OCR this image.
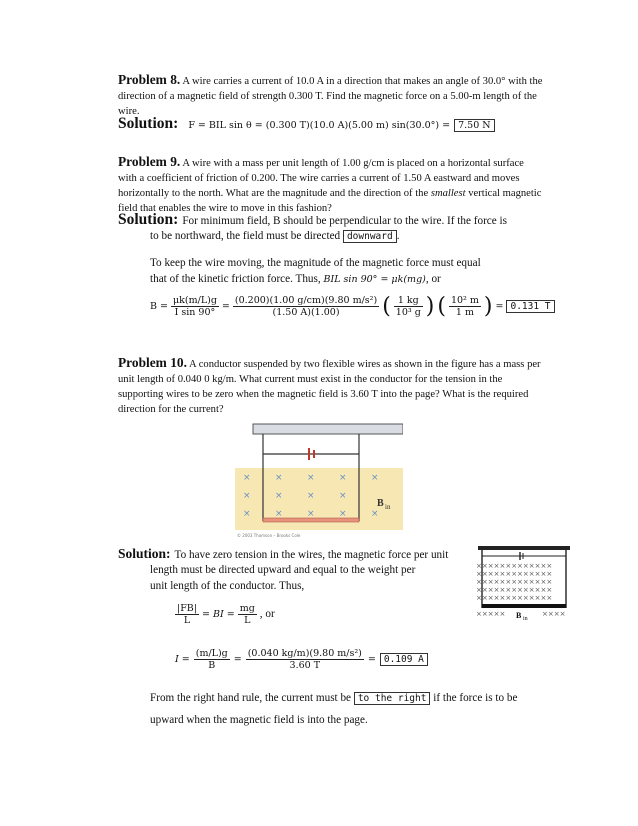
Problem 8. A wire carries a current of 10.0 A in a direction that makes an angle of 30.0° with the direction of a magnetic field of strength 0.300 T. Find the magnetic force on a 5.00-m length of the wire.
Solution: F = BIL sin θ = (0.300 T)(10.0 A)(5.00 m) sin(30.0°) = 7.50 N
Problem 9. A wire with a mass per unit length of 1.00 g/cm is placed on a horizontal surface with a coefficient of friction of 0.200. The wire carries a current of 1.50 A eastward and moves horizontally to the north. What are the magnitude and the direction of the smallest vertical magnetic field that enables the wire to move in this fashion?
Solution: For minimum field, B should be perpendicular to the wire. If the force is
to be northward, the field must be directed downward .
To keep the wire moving, the magnitude of the magnetic force must equal
that of the kinetic friction force. Thus, BIL sin 90° = μk(mg), or
$B = \frac{\mu k(m/L)g}{\text{I sin 90°}} = \frac{\text{(0.200)(1.00 g/cm)(9.80 m/s²)}}{(1.50 A)(1.00)}$ ( $\frac{1 kg}{\text{10³ g}}$ ) ( $\frac{\text{10² m}}{1 m}$ ) = 0.131 T
Problem 10. A conductor suspended by two flexible wires as shown in the figure has a mass per unit length of 0.040 0 kg/m. What current must exist in the conductor for the tension in the supporting wires to be zero when the magnetic field is 3.60 T into the page? What is the required direction for the current?
×	×	×	×	×
×	×	×	×
×	×	×	×	×
B in
© 2003 Thomson – Brooks Cole
Solution: To have zero tension in the wires, the magnetic force per unit
length must be directed upward and equal to the weight per
unit length of the conductor. Thus,
×××××××××××××
×××××××××××××
×××××××××××××
×××××××××××××
×××××××××××××
×××××	××××
B in
$\frac{|FB|}{L}$ = BI = $\frac{mg}{L}$ , or
$I = \frac{(m/L)g}{B} = \frac{\text{(0.040 kg/m)(9.80 m/s²)}}{3.60 T} = 0.109$ A
From the right hand rule, the current must be to the right if the force is to be
upward when the magnetic field is into the page.
